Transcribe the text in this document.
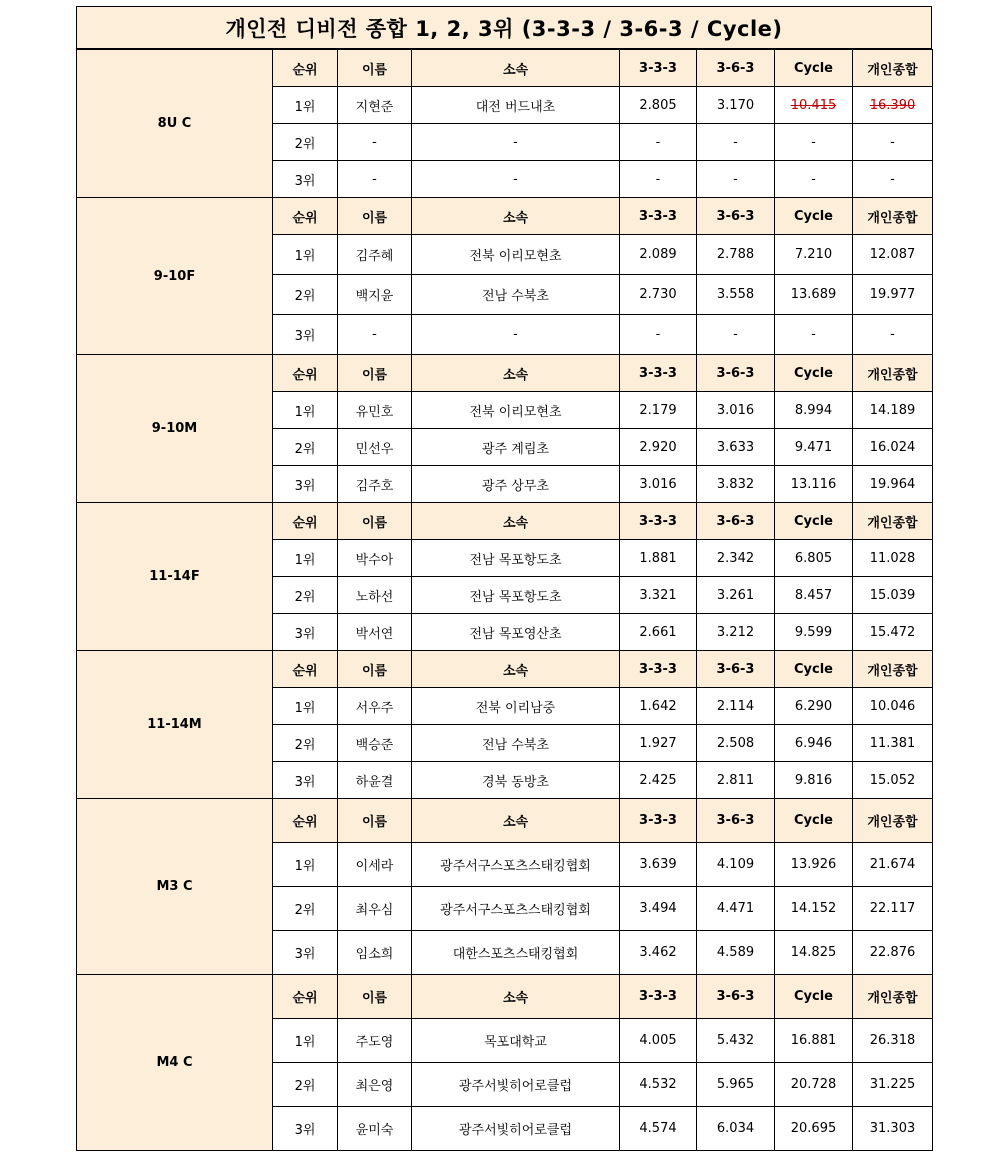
개인전 디비전 종합 1, 2, 3위 (3-3-3 / 3-6-3 / Cycle)
8U C	순위	이름	소속	3-3-3	3-6-3	Cycle	개인종합
	1위	지현준	대전 버드내초	2.805	3.170	10.415	16.390
	2위	-	-	-	-	-	-
	3위	-	-	-	-	-	-
9-10F	순위	이름	소속	3-3-3	3-6-3	Cycle	개인종합
	1위	김주혜	전북 이리모현초	2.089	2.788	7.210	12.087
	2위	백지윤	전남 수북초	2.730	3.558	13.689	19.977
	3위	-	-	-	-	-	-
9-10M	순위	이름	소속	3-3-3	3-6-3	Cycle	개인종합
	1위	유민호	전북 이리모현초	2.179	3.016	8.994	14.189
	2위	민선우	광주 계림초	2.920	3.633	9.471	16.024
	3위	김주호	광주 상무초	3.016	3.832	13.116	19.964
11-14F	순위	이름	소속	3-3-3	3-6-3	Cycle	개인종합
	1위	박수아	전남 목포항도초	1.881	2.342	6.805	11.028
	2위	노하선	전남 목포항도초	3.321	3.261	8.457	15.039
	3위	박서연	전남 목포영산초	2.661	3.212	9.599	15.472
11-14M	순위	이름	소속	3-3-3	3-6-3	Cycle	개인종합
	1위	서우주	전북 이리남중	1.642	2.114	6.290	10.046
	2위	백승준	전남 수북초	1.927	2.508	6.946	11.381
	3위	하윤결	경북 동방초	2.425	2.811	9.816	15.052
M3 C	순위	이름	소속	3-3-3	3-6-3	Cycle	개인종합
	1위	이세라	광주서구스포츠스태킹협회	3.639	4.109	13.926	21.674
	2위	최우심	광주서구스포츠스태킹협회	3.494	4.471	14.152	22.117
	3위	임소희	대한스포츠스태킹협회	3.462	4.589	14.825	22.876
M4 C	순위	이름	소속	3-3-3	3-6-3	Cycle	개인종합
	1위	주도영	목포대학교	4.005	5.432	16.881	26.318
	2위	최은영	광주서빛히어로클럽	4.532	5.965	20.728	31.225
	3위	윤미숙	광주서빛히어로클럽	4.574	6.034	20.695	31.303
